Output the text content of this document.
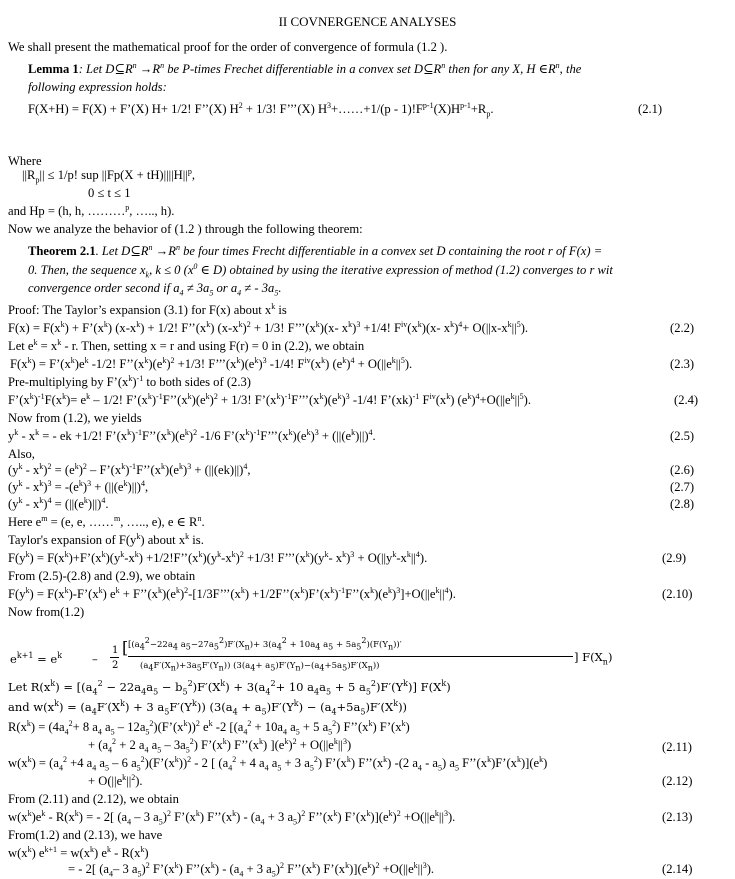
II COVNERGENCE ANALYSES
We shall present the mathematical proof for the order of convergence of formula (1.2 ).
Lemma 1: Let $D⊆R^n \to R^n$ be P-times Frechet differentiable in a convex set $D⊆R^n$ then for any X, H $\in R^n$, the
following expression holds:
F(X+H) = F(X) + F’(X) H+ 1/2! F’’(X) $H^2 + 1/3$! F’’’(X) $H^3+\dots\dots+1/(p - 1)!F^{p-1}(X)H^{p-1}+R_p$.	(2.1)
Where
$||R_p|| \le 1/p$! sup $||Fp(X + tH)||||H||^p$,
0 ≤ t ≤ 1
and Hp = (h, h, ………$^p$, ….., h).
Now we analyze the behavior of (1.2 ) through the following theorem:
Theorem 2.1. Let $D⊆R^n \to R^n$ be four times Frecht differentiable in a convex set D containing the root r of F(x) =
0. Then, the sequence $x_k$, k ≤ 0 ($x^0$ ∈ D) obtained by using the iterative expression of method (1.2) converges to r wit
convergence order second if $a_4 \ne 3a_5$ or $a_4$ ≠ - $3a_5$.
Proof: The Taylor’s expansion (3.1) for F(x) about $x^k$ is
$F(x) = F(x^k)$ + $F’(x^k) (x-x^k) + 1/2$! $F’’(x^k) (x-x^k)^2 + 1/3$! $F’’’(x^k)(x-$ $x^k)^3 +1/4$! $F^{iv}(x^k)(x-$ $x^k)^4+ O(||x-x^k||^5)$.	(2.2)
Let $e^k = x^k - r$. Then, setting x = r and using F(r) = 0 in (2.2), we obtain
$F(x^k)$ = $F’(x^k)e^k$ -1/2! $F’’(x^k)(e^k)^2 +1/3$! $F’’’(x^k)(e^k)^3$ -1/4! $F^{iv}(x^k) (e^k)^4 + O(||e^k||^5)$.	(2.3)
Pre-multiplying by $F’(x^k)^{-1}$ to both sides of (2.3)
$F’(x^k)^{-1}F(x^k)= e^k - 1/2$! $F’(x^k)^{-1}F’’(x^k)(e^k)^2 + 1/3$! $F’(x^k)^{-1}F’’’(x^k)(e^k)^3$ -1/4! F’(xk)$^{-1}$ $F^{iv}(x^k)$ $(e^k)^4+O(||e^k||^5)$.	(2.4)
Now from (1.2), we yields
$y^k - x^k$ = - ek +1/2! $F’(x^k)^{-1}F’’(x^k)(e^k)^2$ -1/6 $F’(x^k)^{-1}F’’’(x^k)(e^k)^3 + (||(e^k)||)^4$.	(2.5)
Also,
$(y^k - x^k)^2 = (e^k)^2$ – $F’(x^k)^{-1}F’’(x^k)(e^k)^3 + (||(ek)||)^4$,	(2.6)
$(y^k - x^k)^3 = -(e^k)^3 + (||(e^k)||)^4$,	(2.7)
$(y^k - x^k)^4 = (||(e^k)||)^4$.	(2.8)
Here $e^m = (e$, e, ……$^m$, ….., e), e ∈ $R^n$.
Taylor's expansion of $F(y^k)$ about $x^k$ is.
$F(y^k)$ = $F(x^k)+F’(x^k)(y^k-x^k)$ $+1/2!F’’(x^k)(y^k-x^k)^2 +1/3$! $F’’’(x^k)(y^k-$ $x^k)^3 + O(||y^k-x^k||^4)$.	(2.9)
From (2.5)-(2.8) and (2.9), we obtain
$F(y^k)$ = $F(x^k)-F’(x^k) e^k$ + $F’’(x^k)(e^k)^2-[1/3F’’’(x^k)$ $+1/2F’’(x^k)F’(x^k)^{-1}F’’(x^k)(e^k)^3]+O(||e^k||^4)$.	(2.10)
Now from(1.2)
$e^{k+1} = e^k$	–
1
2
[ [($a_4^2-22a_4$ $a_5-27a_5^2)F'(X_n)+ 3(a_4^2 + 10a_4$ $a_5 + 5a_5^2)(F(Y_n))'$
$(a_4F'(X_n)+3a_5F'(Y_n))$ $(3(a_4+ a_5)F'(Y_n)-(a_4+5a_5)F'(X_n))$
] $F(X_n)$
Let $R(x^k) = [(a_4^2 - 22a_4a_5 - b_5^2)F'(X^k) + 3(a_4^2+ 10$ $a_4a_5 + 5$ $a_5^2)F'(Y^k)$] $F(X^k)$
and $w(x^k) = (a_4F'(X^k) + 3$ $a_5F'(Y^k)$) $(3(a_4 + a_5)F'(Y^k) - (a_4+5a_5)F'(X^k))$
$R(x^k) = (4a_4^2+ 8$ $a_4$ $a_5$ – $12a_5^2)(F’(x^k))^2$ $e^k$ -2 [($a_4^2 + 10a_4$ $a_5 + 5$ $a_5^2$) $F’’(x^k)$ $F’(x^k)$
+ ($a_4^2 + 2$ $a_4$ $a_5 - 3a_5^2$) $F’(x^k)$ $F’’(x^k) ](e^k)^2 + O(||e^k||^3)$	(2.11)
$w(x^k) = (a_4^2 +4$ $a_4$ $a_5 - 6$ $a_5^2)(F’(x^k))^2 - 2$ [ ($a_4^2 + 4$ $a_4$ $a_5 + 3$ $a_5^2$) $F’(x^k)$ $F’’(x^k)$ -(2 $a_4 - a_5$) $a_5$ $F’’(x^k)F’(x^k)](e^k)$
+ $O(||e^k||^2)$.	(2.12)
From (2.11) and (2.12), we obtain
$w(x^k)e^k - R(x^k)$ = - 2[ ($a_4 - 3$ $a_5)^2$ $F’(x^k)$ $F’’(x^k) - (a_4 + 3$ $a_5)^2$ $F’’(x^k)$ $F’(x^k)](e^k)^2 +O(||e^k||^3)$.	(2.13)
From(1.2) and (2.13), we have
$w(x^k) e^{k+1} = w(x^k)$ $e^k - R(x^k)$
= - 2[ ($a_4-$ 3 $a_5)^2$ $F’(x^k)$ $F’’(x^k) - (a_4 + 3$ $a_5)^2$ $F’’(x^k)$ $F’(x^k)](e^k)^2 +O(||e^k||^3)$.	(2.14)
